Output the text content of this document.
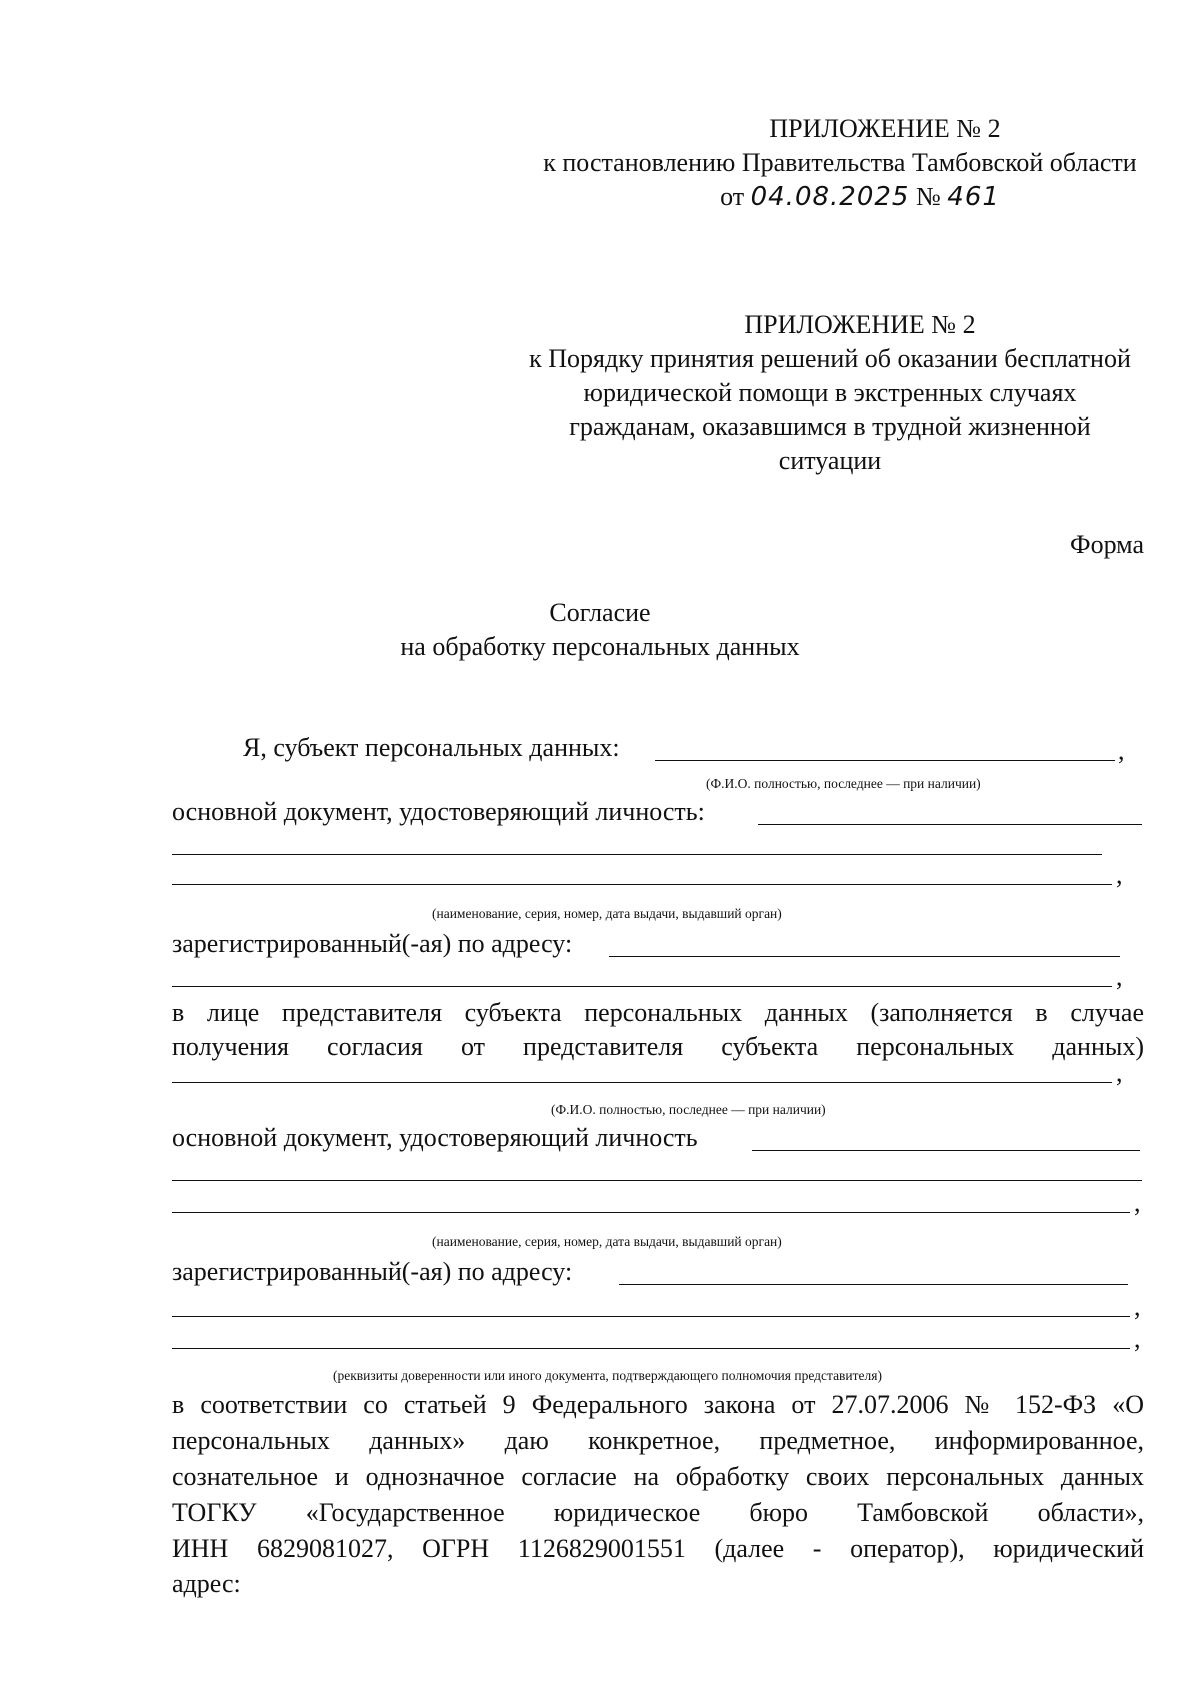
ПРИЛОЖЕНИЕ № 2
к постановлению Правительства Тамбовской области
от 04.08.2025 № 461
ПРИЛОЖЕНИЕ № 2
к Порядку принятия решений об оказании бесплатной
юридической помощи в экстренных случаях
гражданам, оказавшимся в трудной жизненной
ситуации
Форма
Согласие
на обработку персональных данных
Я, субъект персональных данных:	,
(Ф.И.О. полностью, последнее — при наличии)
основной документ, удостоверяющий личность:
,
(наименование, серия, номер, дата выдачи, выдавший орган)
зарегистрированный(-ая) по адресу:
,
в лице представителя субъекта персональных данных (заполняется в случае
получения согласия от представителя субъекта персональных данных)
,
(Ф.И.О. полностью, последнее — при наличии)
основной документ, удостоверяющий личность
,
(наименование, серия, номер, дата выдачи, выдавший орган)
зарегистрированный(-ая) по адресу:
,
,
(реквизиты доверенности или иного документа, подтверждающего полномочия представителя)
в соответствии со статьей 9 Федерального закона от 27.07.2006 № 152-ФЗ «О
персональных данных» даю конкретное, предметное, информированное,
сознательное и однозначное согласие на обработку своих персональных данных
ТОГКУ «Государственное юридическое бюро Тамбовской области»,
ИНН 6829081027, ОГРН 1126829001551 (далее - оператор), юридический
адрес:
